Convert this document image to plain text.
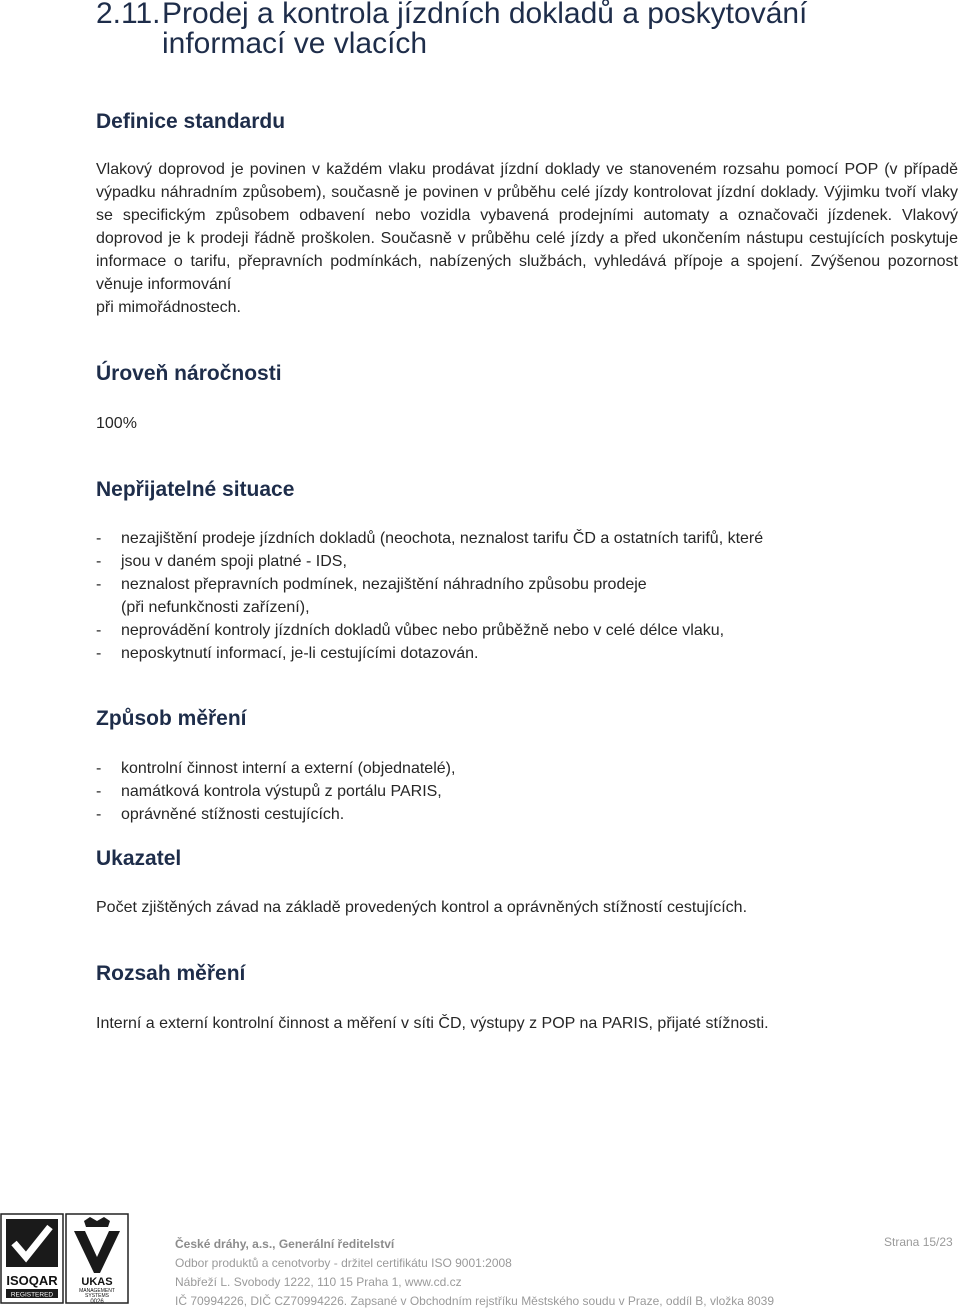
2.11. Prodej a kontrola jízdních dokladů a poskytování
informací ve vlacích
Definice standardu
Vlakový doprovod je povinen v každém vlaku prodávat jízdní doklady ve stanoveném rozsahu pomocí POP (v případě výpadku náhradním způsobem), současně je povinen v průběhu celé jízdy kontrolovat jízdní doklady. Výjimku tvoří vlaky se specifickým způsobem odbavení nebo vozidla vybavená prodejními automaty a označovači jízdenek. Vlakový doprovod je k prodeji řádně proškolen. Současně v průběhu celé jízdy a před ukončením nástupu cestujících poskytuje informace o tarifu, přepravních podmínkách, nabízených službách, vyhledává přípoje a spojení. Zvýšenou pozornost věnuje informování
při mimořádnostech.
Úroveň náročnosti
100%
Nepřijatelné situace
- nezajištění prodeje jízdních dokladů (neochota, neznalost tarifu ČD a ostatních tarifů, které
- jsou v daném spoji platné - IDS,
- neznalost přepravních podmínek, nezajištění náhradního způsobu prodeje
(při nefunkčnosti zařízení),
- neprovádění kontroly jízdních dokladů vůbec nebo průběžně nebo v celé délce vlaku,
- neposkytnutí informací, je-li cestujícími dotazován.
Způsob měření
- kontrolní činnost interní a externí (objednatelé),
- namátková kontrola výstupů z portálu PARIS,
- oprávněné stížnosti cestujících.
Ukazatel
Počet zjištěných závad na základě provedených kontrol a oprávněných stížností cestujících.
Rozsah měření
Interní a externí kontrolní činnost a měření v síti ČD, výstupy z POP na PARIS, přijaté stížnosti.
ISOQAR
REGISTERED
UKAS
MANAGEMENT
SYSTEMS
0026
České dráhy, a.s., Generální ředitelství
Odbor produktů a cenotvorby - držitel certifikátu ISO 9001:2008
Nábřeží L. Svobody 1222, 110 15 Praha 1, www.cd.cz
IČ 70994226, DIČ CZ70994226. Zapsané v Obchodním rejstříku Městského soudu v Praze, oddíl B, vložka 8039
Strana 15/23
